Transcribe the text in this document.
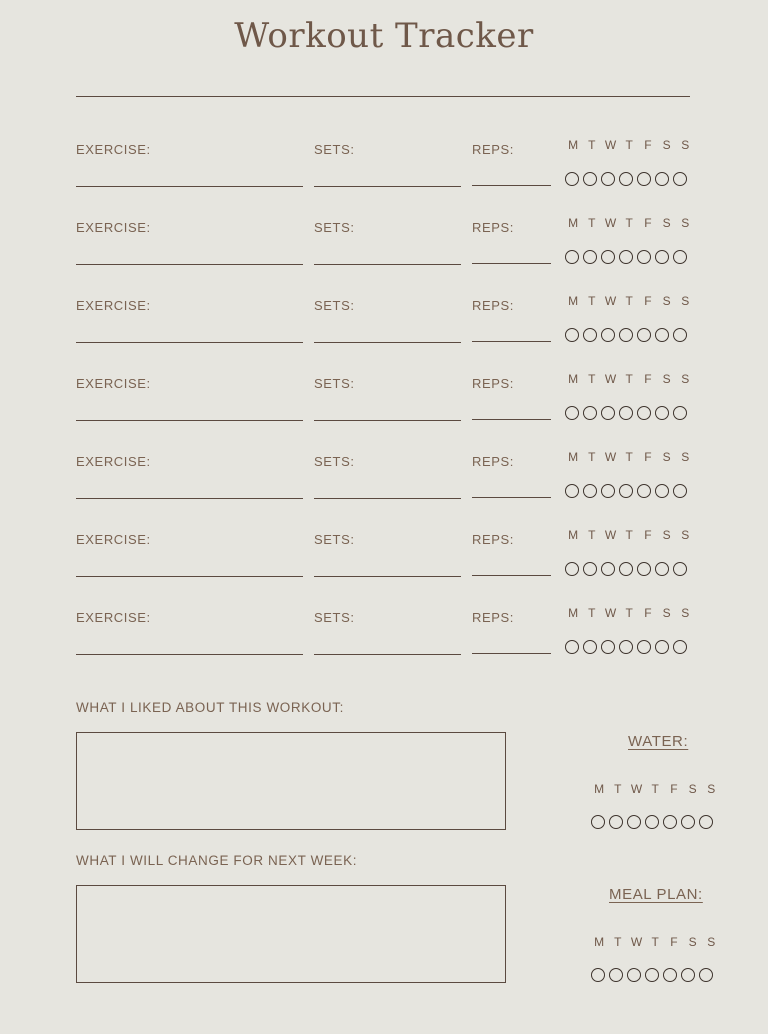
Workout Tracker
EXERCISE:	SETS:	REPS:	M T W T F S S
EXERCISE:	SETS:	REPS:	M T W T F S S
EXERCISE:	SETS:	REPS:	M T W T F S S
EXERCISE:	SETS:	REPS:	M T W T F S S
EXERCISE:	SETS:	REPS:	M T W T F S S
EXERCISE:	SETS:	REPS:	M T W T F S S
EXERCISE:	SETS:	REPS:	M T W T F S S
WHAT I LIKED ABOUT THIS WORKOUT:
WHAT I WILL CHANGE FOR NEXT WEEK:
WATER:
M T W T F S S
MEAL PLAN:
M T W T F S S
